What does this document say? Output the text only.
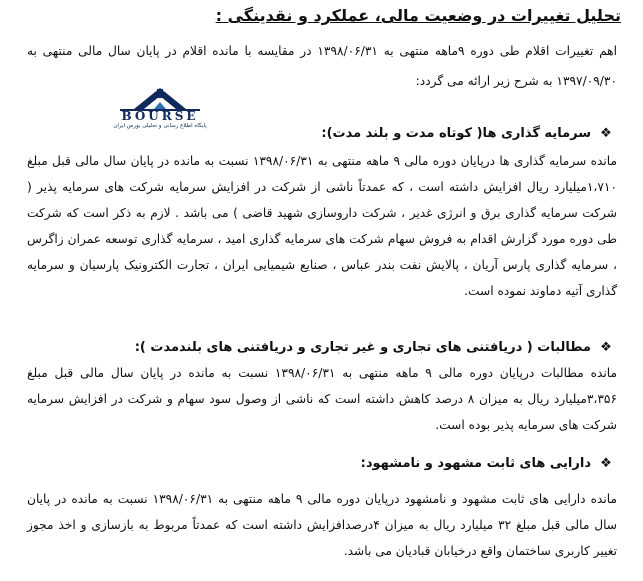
تحلیل تغییرات در وضعیت مالی، عملکرد و نقدینگی :
اهم تغییرات اقلام طی دوره ۹ماهه منتهی به ۱۳۹۸/۰۶/۳۱ در مقایسه با مانده اقلام در پایان سال مالی منتهی به ۱۳۹۷/۰۹/۳۰ به شرح زیر ارائه می گردد:
BOURSE
پایگاه اطلاع رسانی و تحلیلی بورس ایران	❖سرمایه گذاری ها( کوتاه مدت و بلند مدت):
مانده سرمایه گذاری ها درپایان دوره مالی ۹ ماهه منتهی به ۱۳۹۸/۰۶/۳۱ نسبت به مانده در پایان سال مالی قبل مبلغ ۱،۷۱۰میلیارد ریال افزایش داشته است ، که عمدتاً ناشی از شرکت در افزایش سرمایه شرکت های سرمایه پذیر ( شرکت سرمایه گذاری برق و انرژی غدیر ، شرکت داروسازی شهید قاضی ) می باشد . لازم به ذکر است که شرکت طی دوره مورد گزارش اقدام به فروش سهام شرکت های سرمایه گذاری امید ، سرمایه گذاری توسعه عمران زاگرس ، سرمایه گذاری پارس آریان ، پالایش نفت بندر عباس ، صنایع شیمیایی ایران ، تجارت الکترونیک پارسیان و سرمایه گذاری آتیه دماوند نموده است.
❖مطالبات ( دریافتنی های تجاری و غیر تجاری و دریافتنی های بلندمدت ):
مانده مطالبات درپایان دوره مالی ۹ ماهه منتهی به ۱۳۹۸/۰۶/۳۱ نسبت به مانده در پایان سال مالی قبل مبلغ ۳،۳۵۶میلیارد ریال به میزان ۸ درصد کاهش داشته است که ناشی از وصول سود سهام و شرکت در افزایش سرمایه شرکت های سرمایه پذیر بوده است.
❖دارایی های ثابت مشهود و نامشهود:
مانده دارایی های ثابت مشهود و نامشهود درپایان دوره مالی ۹ ماهه منتهی به ۱۳۹۸/۰۶/۳۱ نسبت به مانده در پایان سال مالی قبل مبلغ ۳۲ میلیارد ریال به میزان ۴درصدافزایش داشته است که عمدتاً مربوط به بازسازی و اخذ مجوز تغییر کاربری ساختمان واقع درخیابان قبادیان می باشد.
